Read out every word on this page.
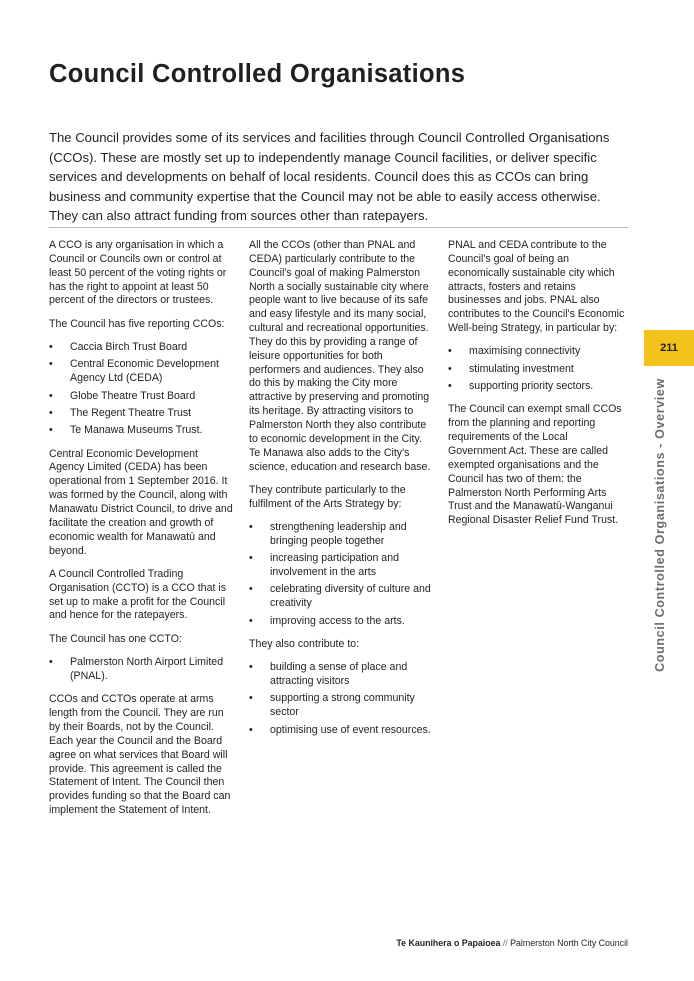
Council Controlled Organisations

The Council provides some of its services and facilities through Council Controlled Organisations (CCOs). These are mostly set up to independently manage Council facilities, or deliver specific services and developments on behalf of local residents. Council does this as CCOs can bring business and community expertise that the Council may not be able to easily access otherwise. They can also attract funding from sources other than ratepayers.

A CCO is any organisation in which a Council or Councils own or control at least 50 percent of the voting rights or has the right to appoint at least 50 percent of the directors or trustees.

The Council has five reporting CCOs:

•	Caccia Birch Trust Board
•	Central Economic Development Agency Ltd (CEDA)
•	Globe Theatre Trust Board
•	The Regent Theatre Trust
•	Te Manawa Museums Trust.

Central Economic Development Agency Limited (CEDA) has been operational from 1 September 2016. It was formed by the Council, along with Manawatu District Council, to drive and facilitate the creation and growth of economic wealth for Manawatū and beyond.

A Council Controlled Trading Organisation (CCTO) is a CCO that is set up to make a profit for the Council and hence for the ratepayers.

The Council has one CCTO:

•	Palmerston North Airport Limited (PNAL).

CCOs and CCTOs operate at arms length from the Council. They are run by their Boards, not by the Council. Each year the Council and the Board agree on what services that Board will provide. This agreement is called the Statement of Intent. The Council then provides funding so that the Board can implement the Statement of Intent.

All the CCOs (other than PNAL and CEDA) particularly contribute to the Council's goal of making Palmerston North a socially sustainable city where people want to live because of its safe and easy lifestyle and its many social, cultural and recreational opportunities. They do this by providing a range of leisure opportunities for both performers and audiences. They also do this by making the City more attractive by preserving and promoting its heritage. By attracting visitors to Palmerston North they also contribute to economic development in the City. Te Manawa also adds to the City's science, education and research base.

They contribute particularly to the fulfilment of the Arts Strategy by:

•	strengthening leadership and bringing people together
•	increasing participation and involvement in the arts
•	celebrating diversity of culture and creativity
•	improving access to the arts.

They also contribute to:

•	building a sense of place and attracting visitors
•	supporting a strong community sector
•	optimising use of event resources.

PNAL and CEDA contribute to the Council's goal of being an economically sustainable city which attracts, fosters and retains businesses and jobs. PNAL also contributes to the Council's Economic Well-being Strategy, in particular by:

•	maximising connectivity
•	stimulating investment
•	supporting priority sectors.

The Council can exempt small CCOs from the planning and reporting requirements of the Local Government Act. These are called exempted organisations and the Council has two of them: the Palmerston North Performing Arts Trust and the Manawatū-Wanganui Regional Disaster Relief Fund Trust.

211
Council Controlled Organisations - Overview
Te Kaunihera o Papaioea // Palmerston North City Council
